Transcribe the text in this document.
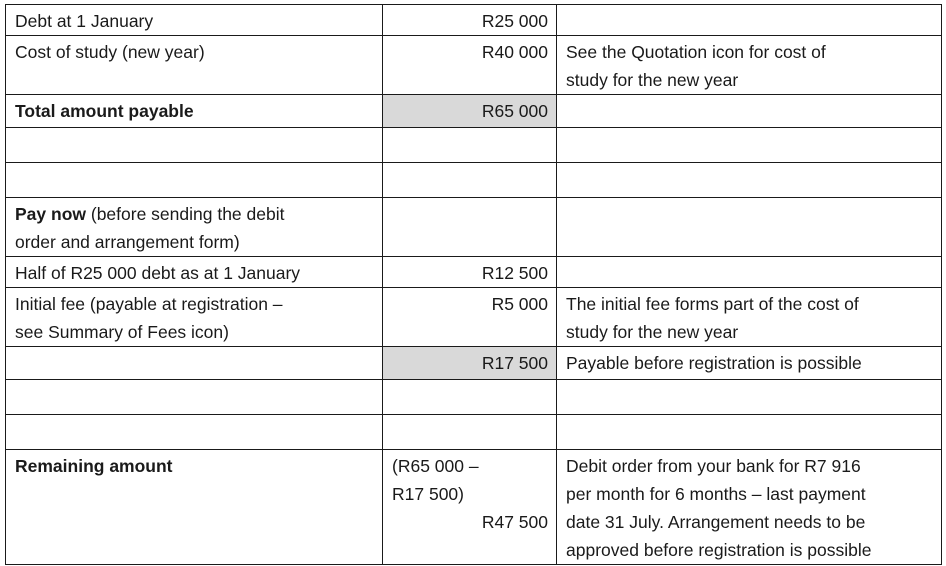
Debt at 1 January	R25 000	
Cost of study (new year)	R40 000	See the Quotation icon for cost of
study for the new year

Total amount payable	R65 000	

Pay now (before sending the debit
order and arrangement form)		

Half of R25 000 debt as at 1 January	R12 500	

Initial fee (payable at registration –
see Summary of Fees icon)	R5 000	The initial fee forms part of the cost of
study for the new year

	R17 500	Payable before registration is possible

Remaining amount	(R65 000 –
R17 500)
R47 500	Debit order from your bank for R7 916
per month for 6 months – last payment
date 31 July. Arrangement needs to be
approved before registration is possible
